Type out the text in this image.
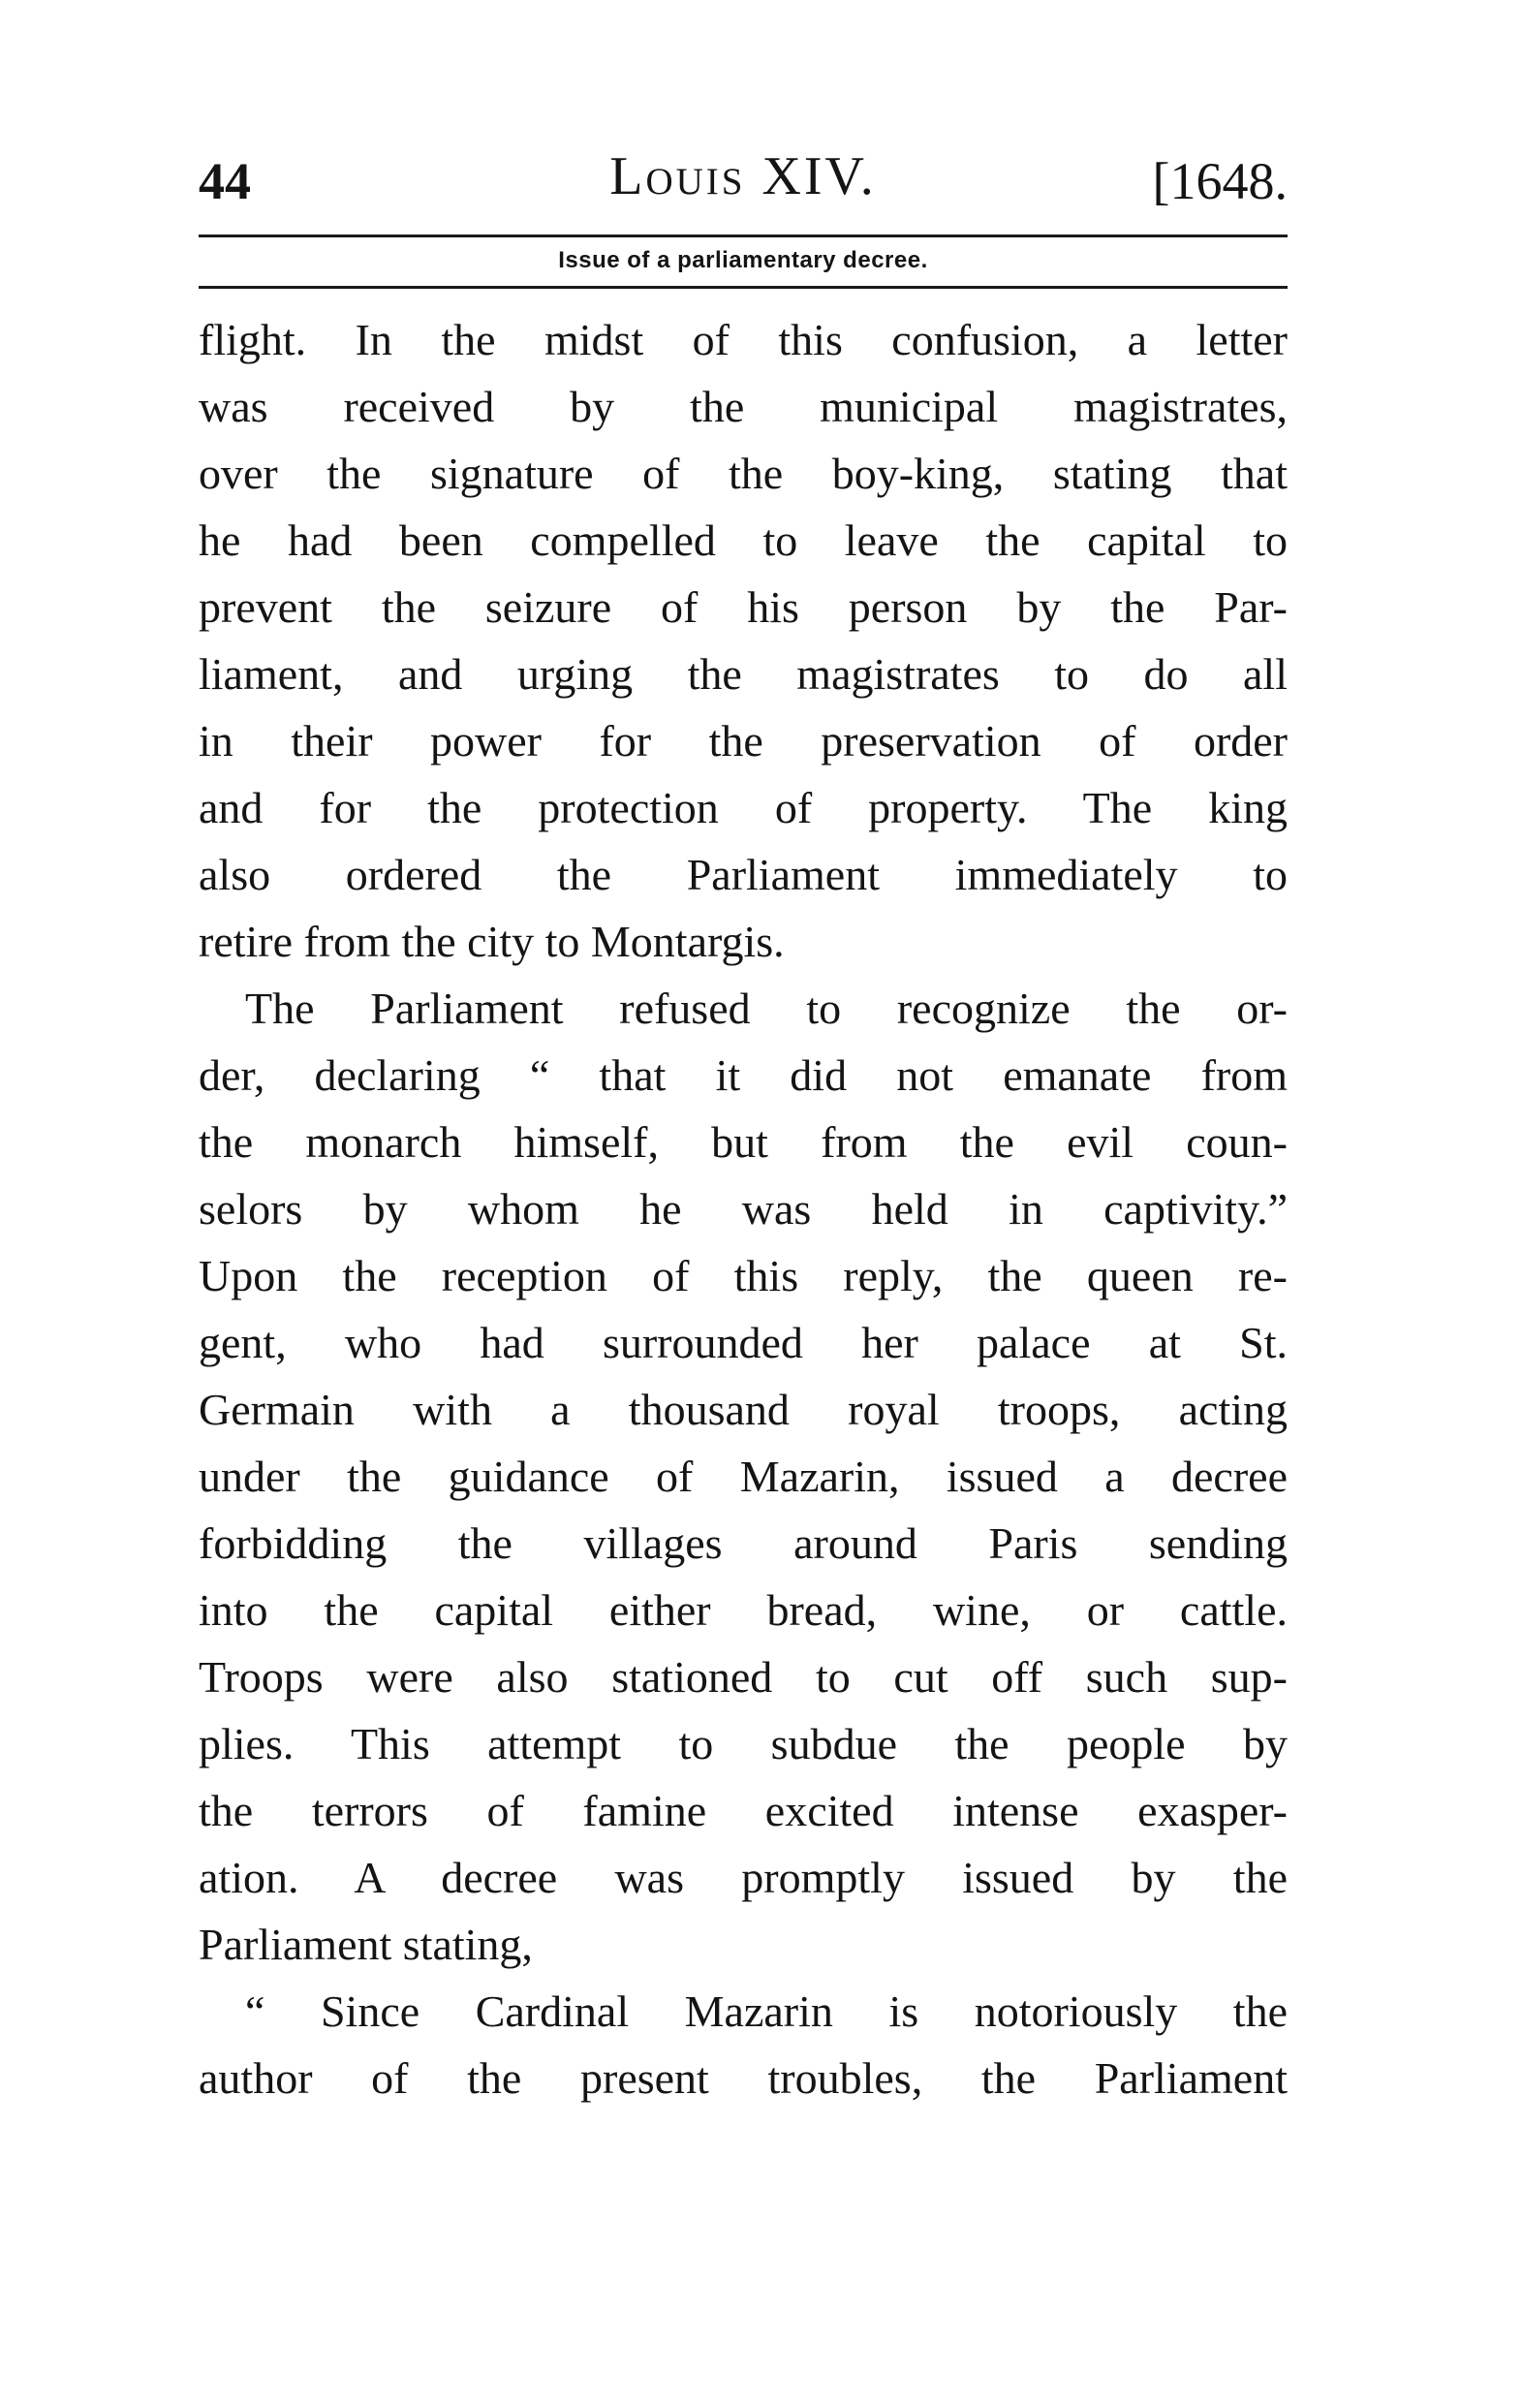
44	Louis XIV.	[1648.
Issue of a parliamentary decree.

flight. In the midst of this confusion, a letter

was received by the municipal magistrates,

over the signature of the boy-king, stating that

he had been compelled to leave the capital to

prevent the seizure of his person by the Par-

liament, and urging the magistrates to do all

in their power for the preservation of order

and for the protection of property. The king

also ordered the Parliament immediately to

retire from the city to Montargis.

The Parliament refused to recognize the or-

der, declaring “ that it did not emanate from

the monarch himself, but from the evil coun-

selors by whom he was held in captivity.”

Upon the reception of this reply, the queen re-

gent, who had surrounded her palace at St.

Germain with a thousand royal troops, acting

under the guidance of Mazarin, issued a decree

forbidding the villages around Paris sending

into the capital either bread, wine, or cattle.

Troops were also stationed to cut off such sup-

plies. This attempt to subdue the people by

the terrors of famine excited intense exasper-

ation. A decree was promptly issued by the

Parliament stating,

“ Since Cardinal Mazarin is notoriously the

author of the present troubles, the Parliament
